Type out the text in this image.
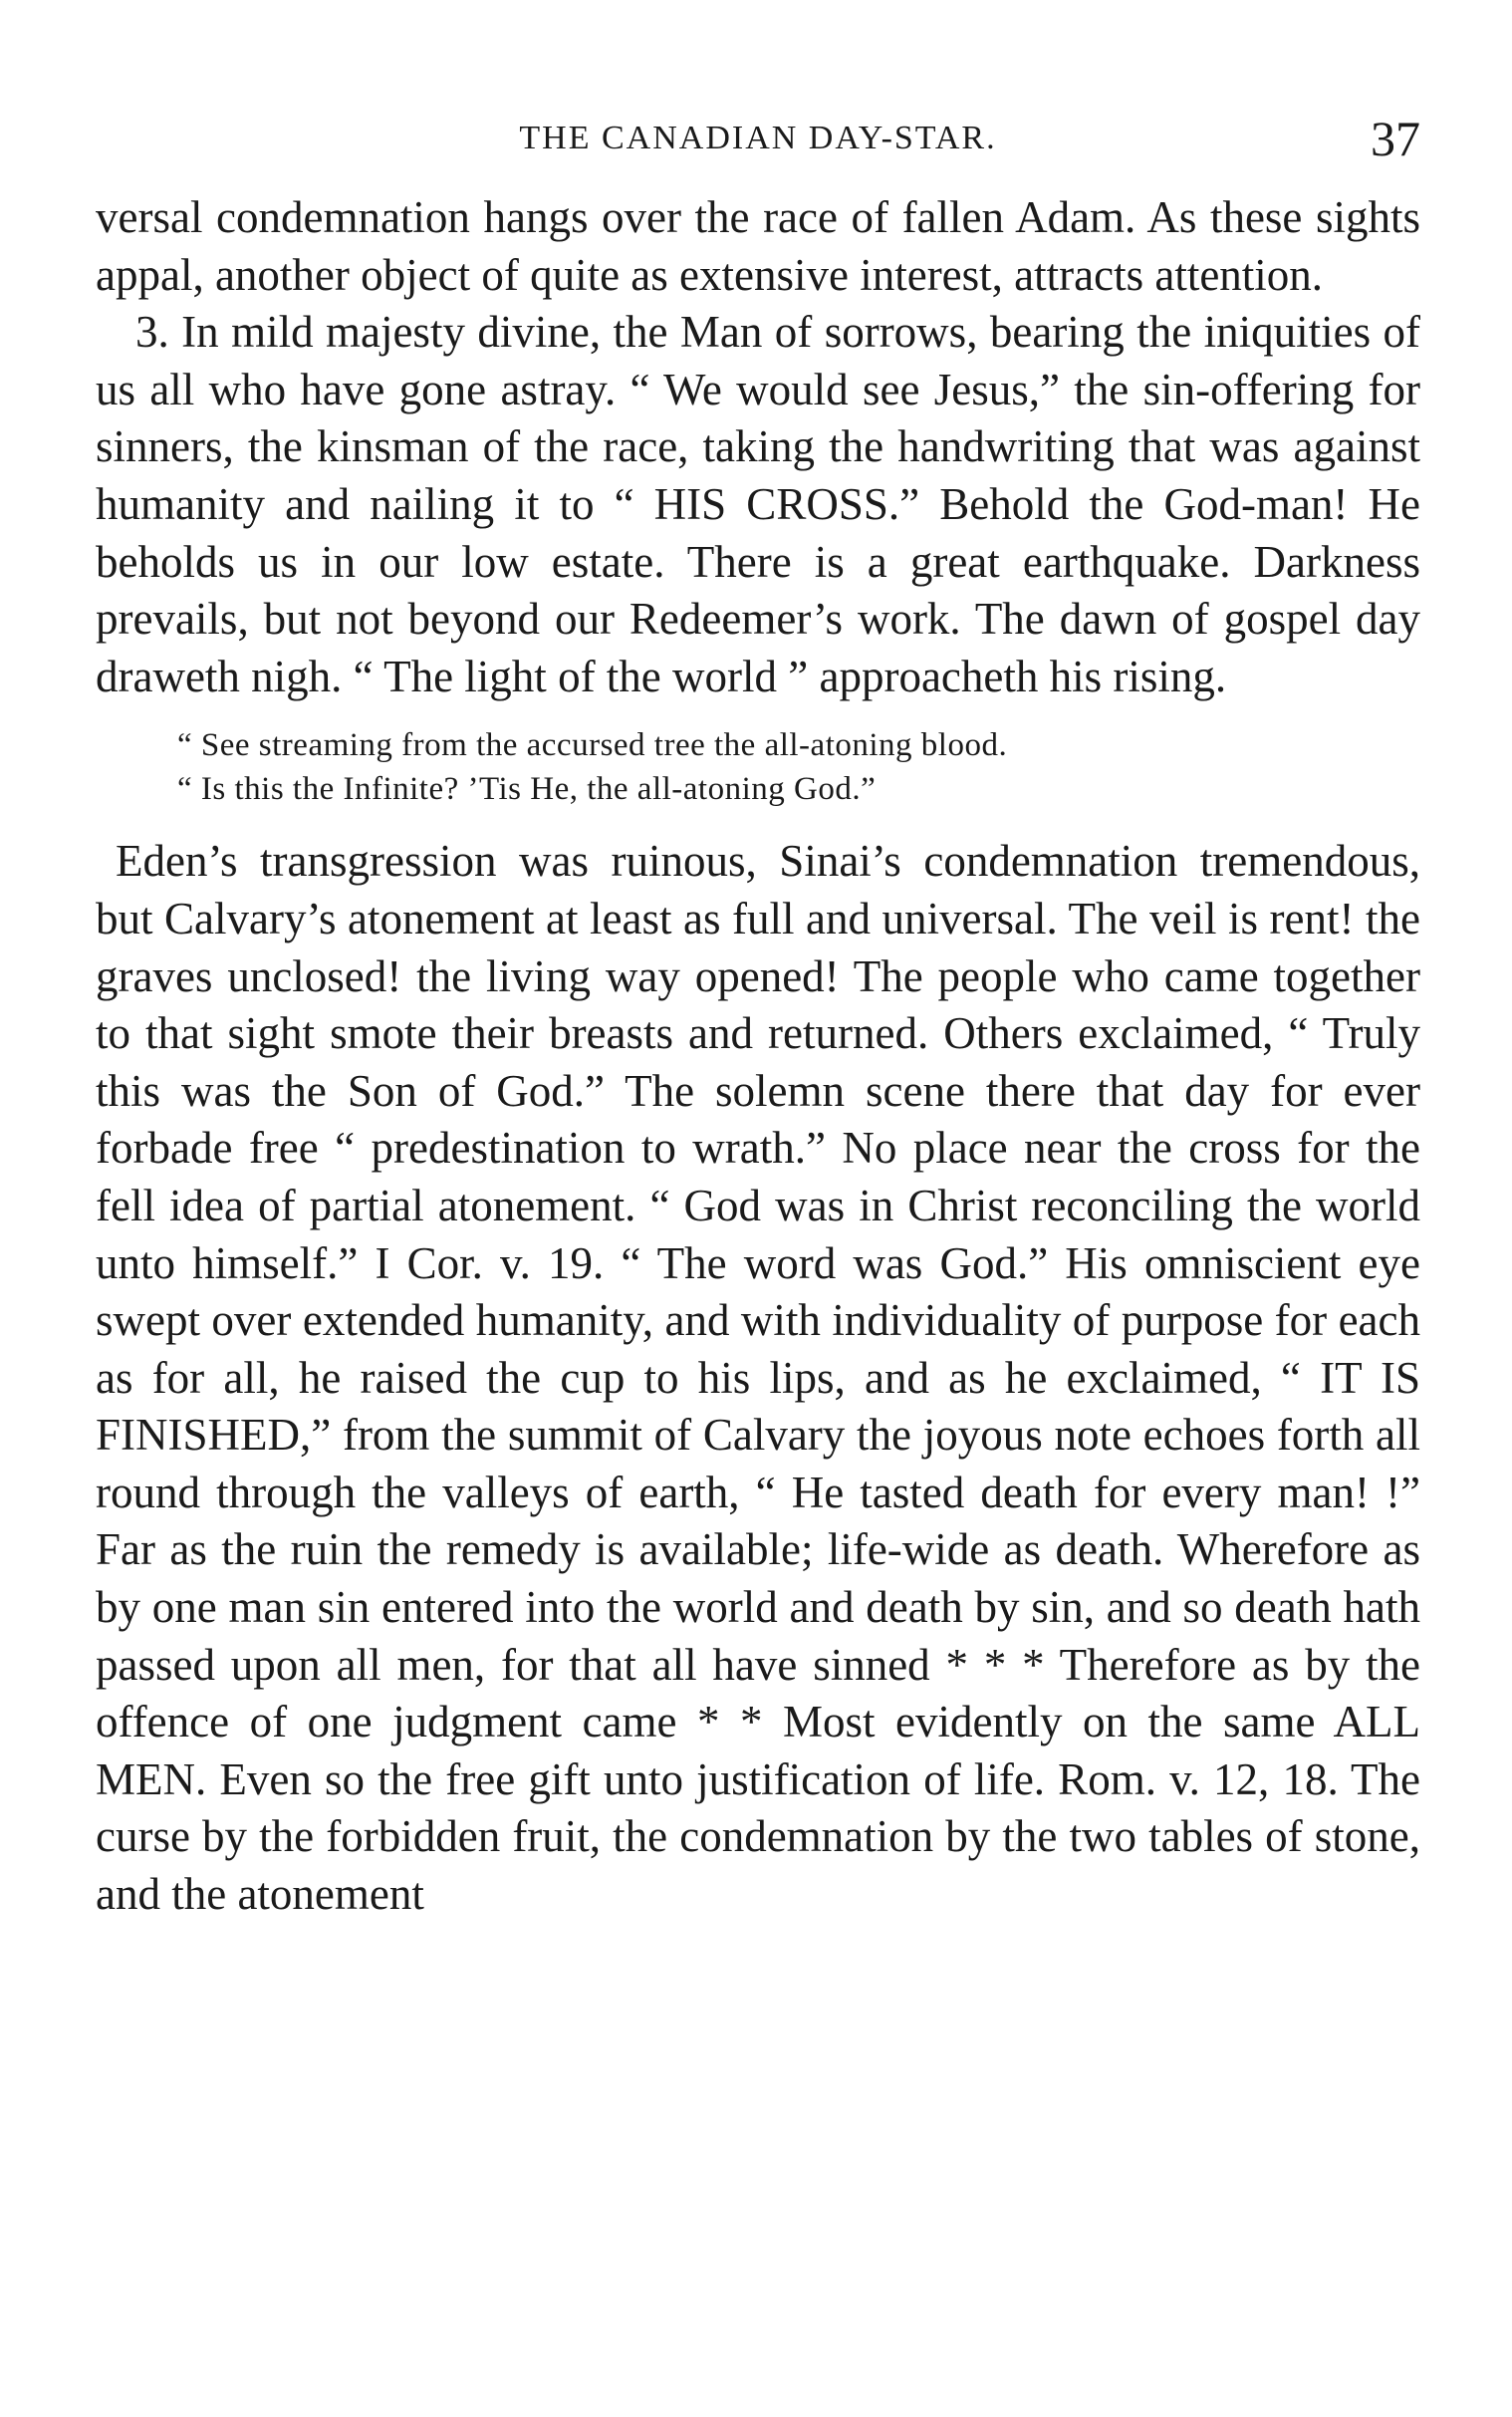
THE CANADIAN DAY-STAR.	37

versal condemnation hangs over the race of fallen Adam. As these sights appal, another object of quite as extensive interest, attracts attention.

3. In mild majesty divine, the Man of sorrows, bearing the iniquities of us all who have gone astray. “ We would see Jesus,” the sin-offering for sinners, the kinsman of the race, taking the handwriting that was against humanity and nailing it to “ HIS CROSS.” Behold the God-man! He beholds us in our low estate. There is a great earthquake. Darkness prevails, but not beyond our Redeemer’s work. The dawn of gospel day draweth nigh. “ The light of the world ” approacheth his rising.

“ See streaming from the accursed tree the all-atoning blood.
“ Is this the Infinite? ’Tis He, the all-atoning God.”

Eden’s transgression was ruinous, Sinai’s condemnation tremendous, but Calvary’s atonement at least as full and universal. The veil is rent! the graves unclosed! the living way opened! The people who came together to that sight smote their breasts and returned. Others exclaimed, “ Truly this was the Son of God.” The solemn scene there that day for ever forbade free “ predestination to wrath.” No place near the cross for the fell idea of partial atonement. “ God was in Christ reconciling the world unto himself.” I Cor. v. 19. “ The word was God.” His omniscient eye swept over extended humanity, and with individuality of purpose for each as for all, he raised the cup to his lips, and as he exclaimed, “ IT IS FINISHED,” from the summit of Calvary the joyous note echoes forth all round through the valleys of earth, “ He tasted death for every man! !” Far as the ruin the remedy is available; life-wide as death. Wherefore as by one man sin entered into the world and death by sin, and so death hath passed upon all men, for that all have sinned * * * Therefore as by the offence of one judgment came * * Most evidently on the same ALL MEN. Even so the free gift unto justification of life. Rom. v. 12, 18. The curse by the forbidden fruit, the condemnation by the two tables of stone, and the atonement
